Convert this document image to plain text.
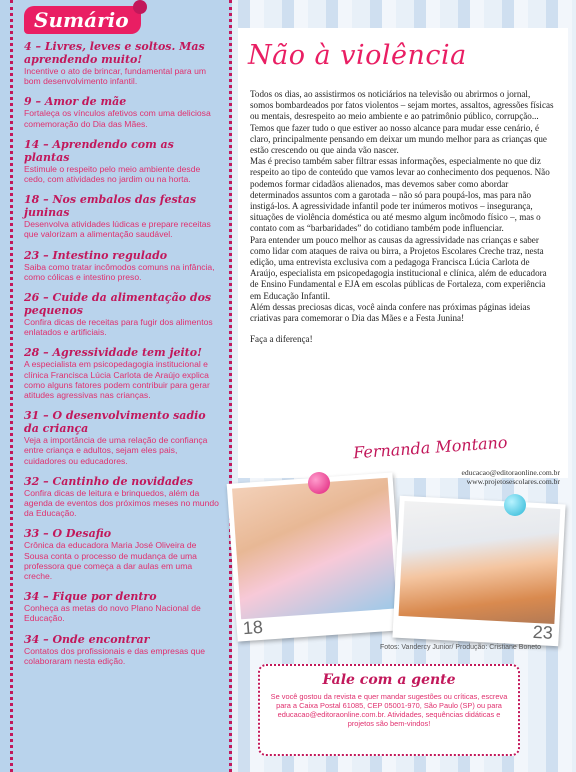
Sumário
4 – Livres, leves e soltos. Mas aprendendo muito!
Incentive o ato de brincar, fundamental para um bom desenvolvimento infantil.
9 – Amor de mãe
Fortaleça os vínculos afetivos com uma deliciosa comemoração do Dia das Mães.
14 – Aprendendo com as plantas
Estimule o respeito pelo meio ambiente desde cedo, com atividades no jardim ou na horta.
18 – Nos embalos das festas juninas
Desenvolva atividades lúdicas e prepare receitas que valorizam a alimentação saudável.
23 – Intestino regulado
Saiba como tratar incômodos comuns na infância, como cólicas e intestino preso.
26 – Cuide da alimentação dos pequenos
Confira dicas de receitas para fugir dos alimentos enlatados e artificiais.
28 – Agressividade tem jeito!
A especialista em psicopedagogia institucional e clínica Francisca Lúcia Carlota de Araújo explica como alguns fatores podem contribuir para gerar atitudes agressivas nas crianças.
31 – O desenvolvimento sadio da criança
Veja a importância de uma relação de confiança entre criança e adultos, sejam eles pais, cuidadores ou educadores.
32 – Cantinho de novidades
Confira dicas de leitura e brinquedos, além da agenda de eventos dos próximos meses no mundo da Educação.
33 – O Desafio
Crônica da educadora Maria José Oliveira de Sousa conta o processo de mudança de uma professora que começa a dar aulas em uma creche.
34 – Fique por dentro
Conheça as metas do novo Plano Nacional de Educação.
34 – Onde encontrar
Contatos dos profissionais e das empresas que colaboraram nesta edição.
Não à violência

Todos os dias, ao assistirmos os noticiários na televisão ou abrirmos o jornal, somos bombardeados por fatos violentos – sejam mortes, assaltos, agressões físicas ou mentais, desrespeito ao meio ambiente e ao patrimônio público, corrupção... Temos que fazer tudo o que estiver ao nosso alcance para mudar esse cenário, é claro, principalmente pensando em deixar um mundo melhor para as crianças que estão crescendo ou que ainda vão nascer.

Mas é preciso também saber filtrar essas informações, especialmente no que diz respeito ao tipo de conteúdo que vamos levar ao conhecimento dos pequenos. Não podemos formar cidadãos alienados, mas devemos saber como abordar determinados assuntos com a garotada – não só para poupá-los, mas para não instigá-los. A agressividade infantil pode ter inúmeros motivos – insegurança, situações de violência doméstica ou até mesmo algum incômodo físico –, mas o contato com as “barbaridades” do cotidiano também pode influenciar.

Para entender um pouco melhor as causas da agressividade nas crianças e saber como lidar com ataques de raiva ou birra, a Projetos Escolares Creche traz, nesta edição, uma entrevista exclusiva com a pedagoga Francisca Lúcia Carlota de Araújo, especialista em psicopedagogia institucional e clínica, além de educadora de Ensino Fundamental e EJA em escolas públicas de Fortaleza, com experiência em Educação Infantil.

Além dessas preciosas dicas, você ainda confere nas próximas páginas ideias criativas para comemorar o Dia das Mães e a Festa Junina!

Faça a diferença!

Fernanda Montano
educacao@editoraonline.com.br
www.projetosescolares.com.br
18	23
Fotos: Vandercy Junior/ Produção: Cristiane Boneto
Fale com a gente
Se você gostou da revista e quer mandar sugestões ou críticas, escreva para a Caixa Postal 61085, CEP 05001-970, São Paulo (SP) ou para educacao@editoraonline.com.br. Atividades, sequências didáticas e projetos são bem-vindos!
